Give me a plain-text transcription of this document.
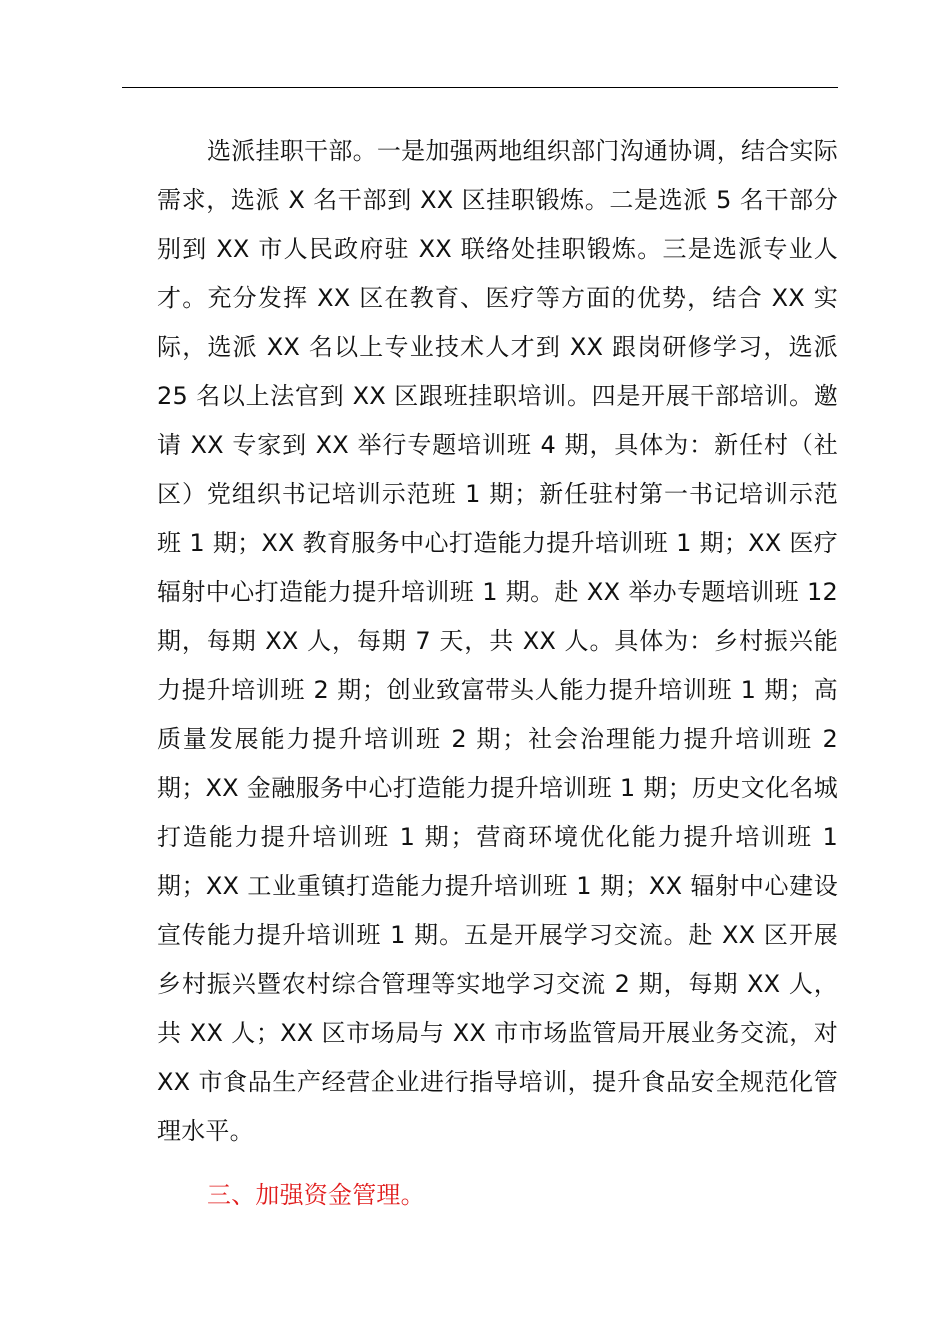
选派挂职干部。一是加强两地组织部门沟通协调，结合实际需求，选派 X 名干部到 XX 区挂职锻炼。二是选派 5 名干部分别到 XX 市人民政府驻 XX 联络处挂职锻炼。三是选派专业人才。充分发挥 XX 区在教育、医疗等方面的优势，结合 XX 实际，选派 XX 名以上专业技术人才到 XX 跟岗研修学习，选派 25 名以上法官到 XX 区跟班挂职培训。四是开展干部培训。邀请 XX 专家到 XX 举行专题培训班 4 期，具体为：新任村（社区）党组织书记培训示范班 1 期；新任驻村第一书记培训示范班 1 期；XX 教育服务中心打造能力提升培训班 1 期；XX 医疗辐射中心打造能力提升培训班 1 期。赴 XX 举办专题培训班 12 期，每期 XX 人，每期 7 天，共 XX 人。具体为：乡村振兴能力提升培训班 2 期；创业致富带头人能力提升培训班 1 期；高质量发展能力提升培训班 2 期；社会治理能力提升培训班 2 期；XX 金融服务中心打造能力提升培训班 1 期；历史文化名城打造能力提升培训班 1 期；营商环境优化能力提升培训班 1 期；XX 工业重镇打造能力提升培训班 1 期；XX 辐射中心建设宣传能力提升培训班 1 期。五是开展学习交流。赴 XX 区开展乡村振兴暨农村综合管理等实地学习交流 2 期，每期 XX 人，共 XX 人；XX 区市场局与 XX 市市场监管局开展业务交流，对 XX 市食品生产经营企业进行指导培训，提升食品安全规范化管理水平。

三、加强资金管理。
